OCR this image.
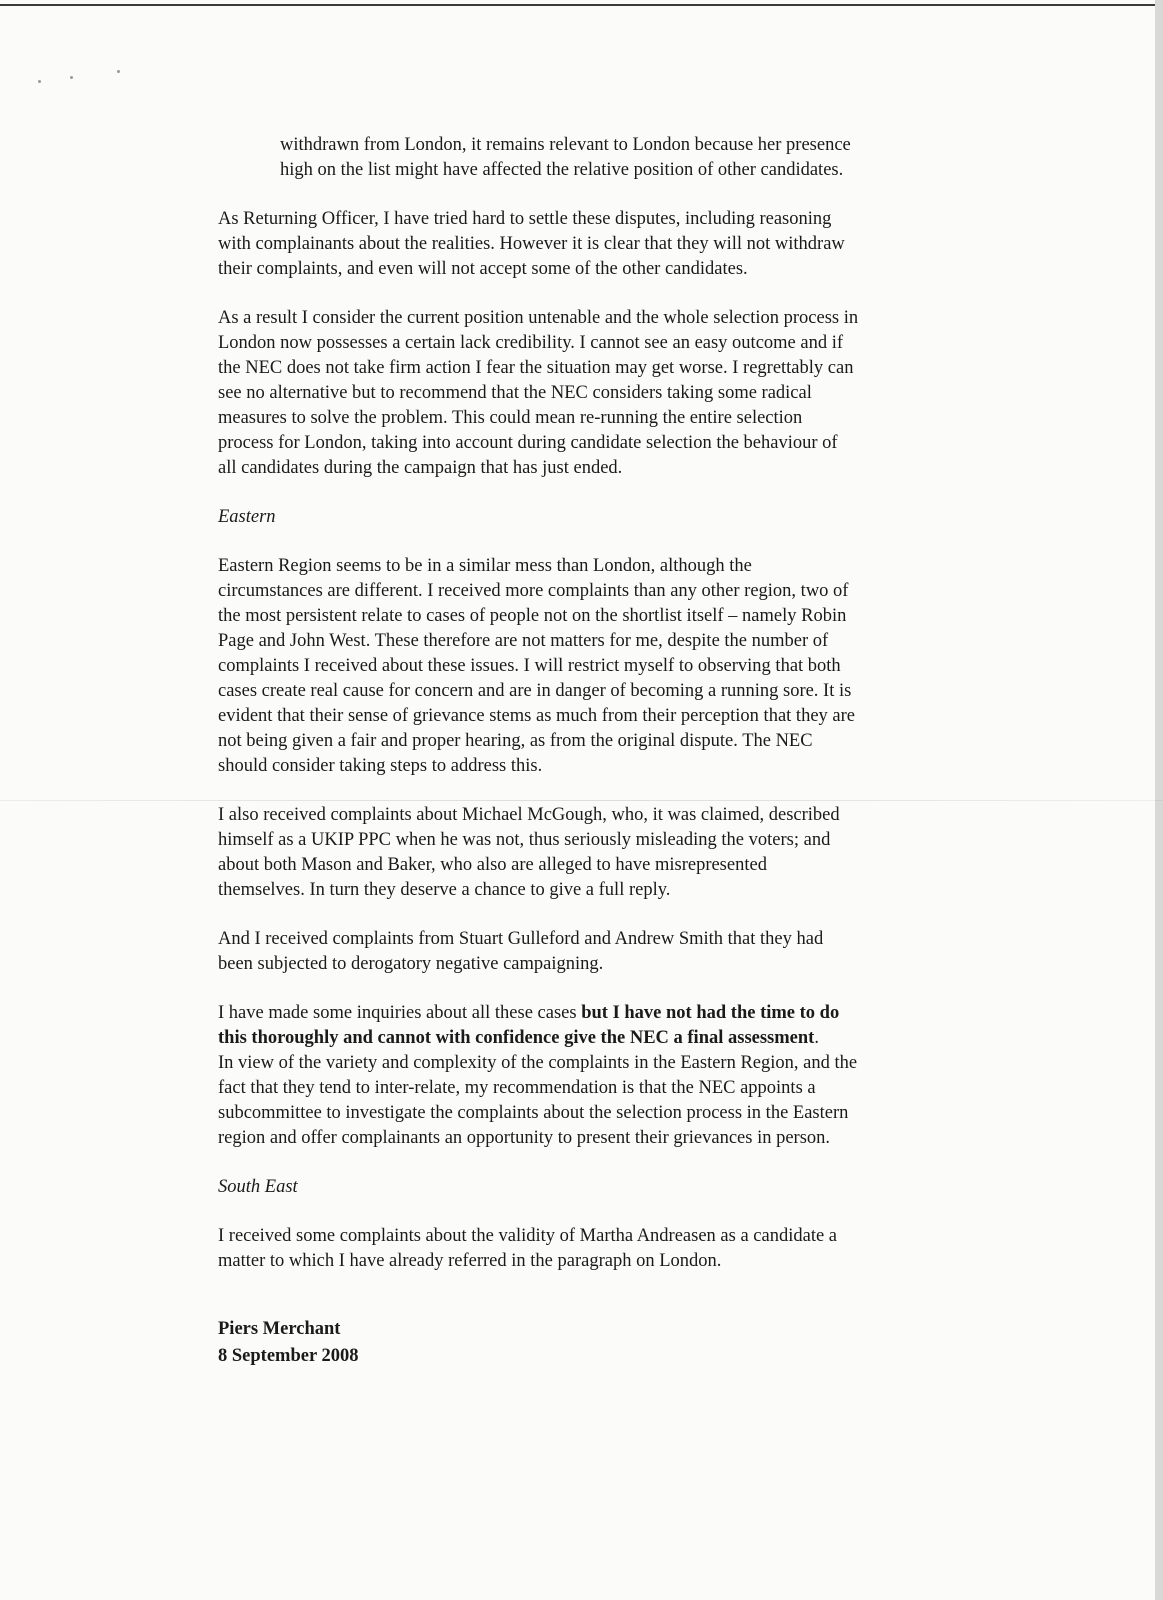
withdrawn from London, it remains relevant to London because her presence
high on the list might have affected the relative position of other candidates.

As Returning Officer, I have tried hard to settle these disputes, including reasoning
with complainants about the realities. However it is clear that they will not withdraw
their complaints, and even will not accept some of the other candidates.

As a result I consider the current position untenable and the whole selection process in
London now possesses a certain lack credibility. I cannot see an easy outcome and if
the NEC does not take firm action I fear the situation may get worse. I regrettably can
see no alternative but to recommend that the NEC considers taking some radical
measures to solve the problem. This could mean re-running the entire selection
process for London, taking into account during candidate selection the behaviour of
all candidates during the campaign that has just ended.

Eastern

Eastern Region seems to be in a similar mess than London, although the
circumstances are different. I received more complaints than any other region, two of
the most persistent relate to cases of people not on the shortlist itself – namely Robin
Page and John West. These therefore are not matters for me, despite the number of
complaints I received about these issues. I will restrict myself to observing that both
cases create real cause for concern and are in danger of becoming a running sore. It is
evident that their sense of grievance stems as much from their perception that they are
not being given a fair and proper hearing, as from the original dispute. The NEC
should consider taking steps to address this.

I also received complaints about Michael McGough, who, it was claimed, described
himself as a UKIP PPC when he was not, thus seriously misleading the voters; and
about both Mason and Baker, who also are alleged to have misrepresented
themselves. In turn they deserve a chance to give a full reply.

And I received complaints from Stuart Gulleford and Andrew Smith that they had
been subjected to derogatory negative campaigning.

I have made some inquiries about all these cases but I have not had the time to do
this thoroughly and cannot with confidence give the NEC a final assessment.
In view of the variety and complexity of the complaints in the Eastern Region, and the
fact that they tend to inter-relate, my recommendation is that the NEC appoints a
subcommittee to investigate the complaints about the selection process in the Eastern
region and offer complainants an opportunity to present their grievances in person.

South East

I received some complaints about the validity of Martha Andreasen as a candidate a
matter to which I have already referred in the paragraph on London.

Piers Merchant
8 September 2008
